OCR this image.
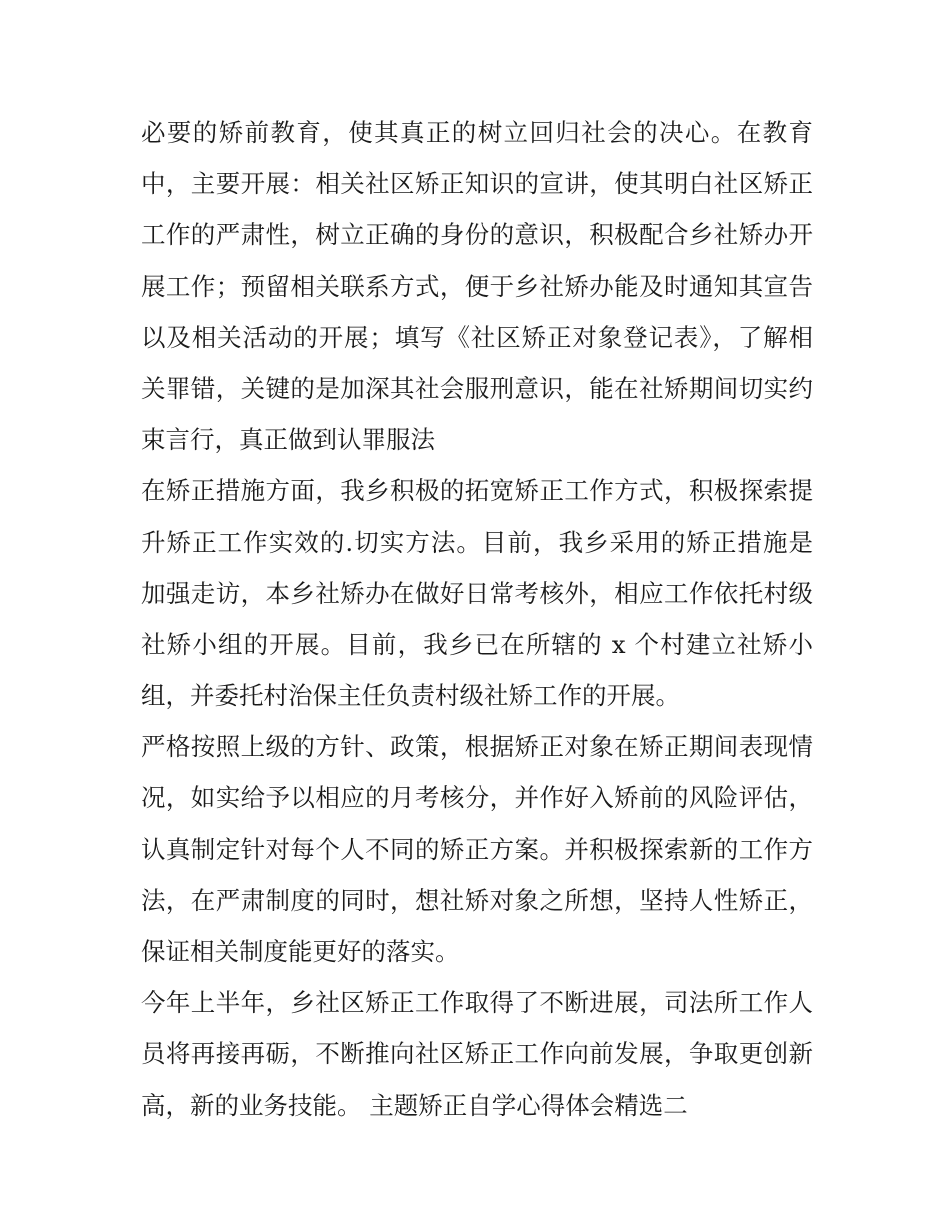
必要的矫前教育，使其真正的树立回归社会的决心。在教育
中，主要开展：相关社区矫正知识的宣讲，使其明白社区矫正
工作的严肃性，树立正确的身份的意识，积极配合乡社矫办开
展工作；预留相关联系方式，便于乡社矫办能及时通知其宣告
以及相关活动的开展；填写《社区矫正对象登记表》，了解相
关罪错，关键的是加深其社会服刑意识，能在社矫期间切实约
束言行，真正做到认罪服法
在矫正措施方面，我乡积极的拓宽矫正工作方式，积极探索提
升矫正工作实效的.切实方法。目前，我乡采用的矫正措施是
加强走访，本乡社矫办在做好日常考核外，相应工作依托村级
社矫小组的开展。目前，我乡已在所辖的 x 个村建立社矫小
组，并委托村治保主任负责村级社矫工作的开展。
严格按照上级的方针、政策，根据矫正对象在矫正期间表现情
况，如实给予以相应的月考核分，并作好入矫前的风险评估，
认真制定针对每个人不同的矫正方案。并积极探索新的工作方
法，在严肃制度的同时，想社矫对象之所想，坚持人性矫正，
保证相关制度能更好的落实。
今年上半年，乡社区矫正工作取得了不断进展，司法所工作人
员将再接再砺，不断推向社区矫正工作向前发展，争取更创新
高，新的业务技能。 主题矫正自学心得体会精选二
